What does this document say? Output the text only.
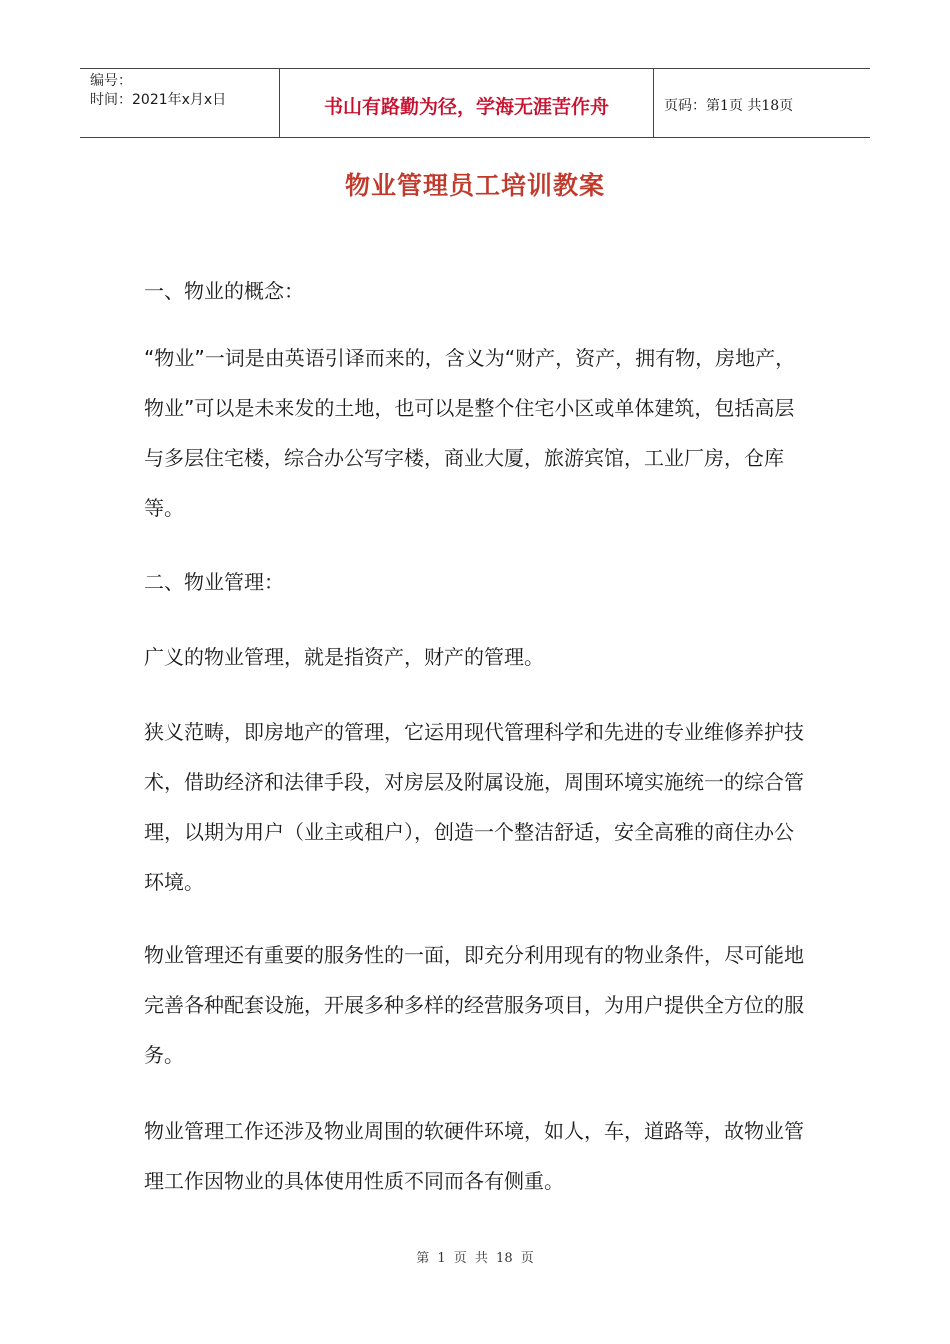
编号：
时间：2021年x月x日	书山有路勤为径，学海无涯苦作舟	页码：第1页 共18页
物业管理员工培训教案

一、物业的概念：

“物业”一词是由英语引译而来的，含义为“财产，资产，拥有物，房地产，物业”可以是未来发的土地，也可以是整个住宅小区或单体建筑，包括高层与多层住宅楼，综合办公写字楼，商业大厦，旅游宾馆，工业厂房，仓库等。

二、物业管理：

广义的物业管理，就是指资产，财产的管理。

狭义范畴，即房地产的管理，它运用现代管理科学和先进的专业维修养护技术，借助经济和法律手段，对房层及附属设施，周围环境实施统一的综合管理，以期为用户（业主或租户），创造一个整洁舒适，安全高雅的商住办公环境。

物业管理还有重要的服务性的一面，即充分利用现有的物业条件，尽可能地完善各种配套设施，开展多种多样的经营服务项目，为用户提供全方位的服务。

物业管理工作还涉及物业周围的软硬件环境，如人，车，道路等，故物业管理工作因物业的具体使用性质不同而各有侧重。

第 1 页 共 18 页
